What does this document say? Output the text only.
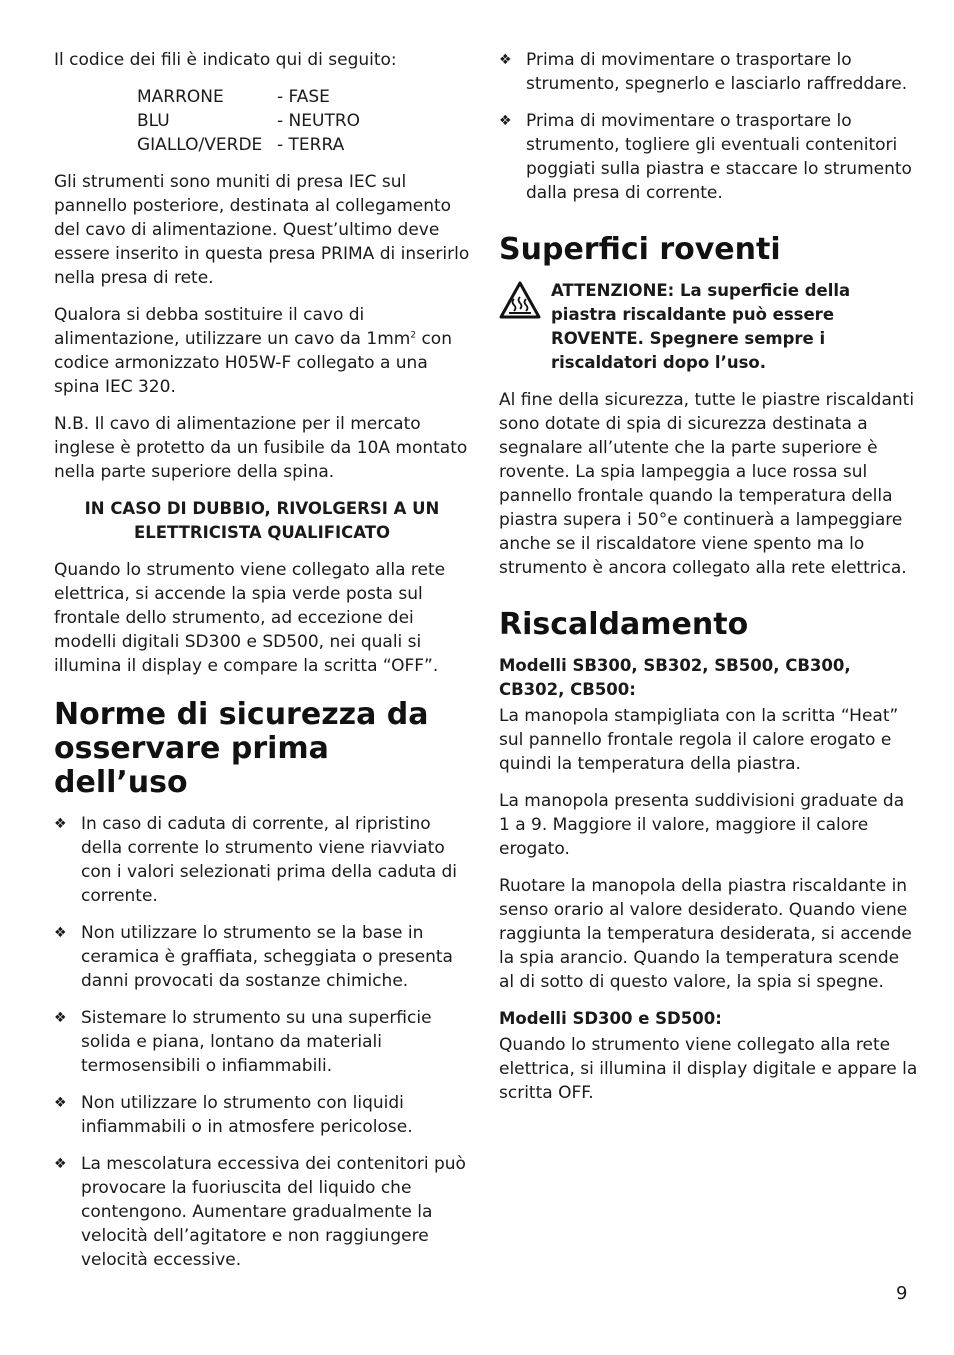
Il codice dei fili è indicato qui di seguito:

MARRONE	- FASE
BLU	- NEUTRO
GIALLO/VERDE - TERRA

Gli strumenti sono muniti di presa IEC sul pannello posteriore, destinata al collegamento del cavo di alimentazione. Quest’ultimo deve essere inserito in questa presa PRIMA di inserirlo nella presa di rete.

Qualora si debba sostituire il cavo di alimentazione, utilizzare un cavo da $1mm^2$ con codice armonizzato H05W-F collegato a una spina IEC 320.

N.B. Il cavo di alimentazione per il mercato inglese è protetto da un fusibile da 10A montato nella parte superiore della spina.

IN CASO DI DUBBIO, RIVOLGERSI A UN ELETTRICISTA QUALIFICATO

Quando lo strumento viene collegato alla rete elettrica, si accende la spia verde posta sul frontale dello strumento, ad eccezione dei modelli digitali SD300 e SD500, nei quali si illumina il display e compare la scritta “OFF”.

Norme di sicurezza da osservare prima dell’uso
❖ In caso di caduta di corrente, al ripristino della corrente lo strumento viene riavviato con i valori selezionati prima della caduta di corrente.
❖ Non utilizzare lo strumento se la base in ceramica è graffiata, scheggiata o presenta danni provocati da sostanze chimiche.
❖ Sistemare lo strumento su una superficie solida e piana, lontano da materiali termosensibili o infiammabili.
❖ Non utilizzare lo strumento con liquidi infiammabili o in atmosfere pericolose.
❖ La mescolatura eccessiva dei contenitori può provocare la fuoriuscita del liquido che contengono. Aumentare gradualmente la velocità dell’agitatore e non raggiungere velocità eccessive.
❖ Prima di movimentare o trasportare lo strumento, spegnerlo e lasciarlo raffreddare.
❖ Prima di movimentare o trasportare lo strumento, togliere gli eventuali contenitori poggiati sulla piastra e staccare lo strumento dalla presa di corrente.
Superfici roventi
ATTENZIONE: La superficie della piastra riscaldante può essere ROVENTE. Spegnere sempre i riscaldatori dopo l’uso.

Al fine della sicurezza, tutte le piastre riscaldanti sono dotate di spia di sicurezza destinata a segnalare all’utente che la parte superiore è rovente. La spia lampeggia a luce rossa sul pannello frontale quando la temperatura della piastra supera i 50°e continuerà a lampeggiare anche se il riscaldatore viene spento ma lo strumento è ancora collegato alla rete elettrica.

Riscaldamento
Modelli SB300, SB302, SB500, CB300, CB302, CB500:

La manopola stampigliata con la scritta “Heat” sul pannello frontale regola il calore erogato e quindi la temperatura della piastra.

La manopola presenta suddivisioni graduate da 1 a 9. Maggiore il valore, maggiore il calore erogato.

Ruotare la manopola della piastra riscaldante in senso orario al valore desiderato. Quando viene raggiunta la temperatura desiderata, si accende la spia arancio. Quando la temperatura scende al di sotto di questo valore, la spia si spegne.

Modelli SD300 e SD500:

Quando lo strumento viene collegato alla rete elettrica, si illumina il display digitale e appare la scritta OFF.

9
